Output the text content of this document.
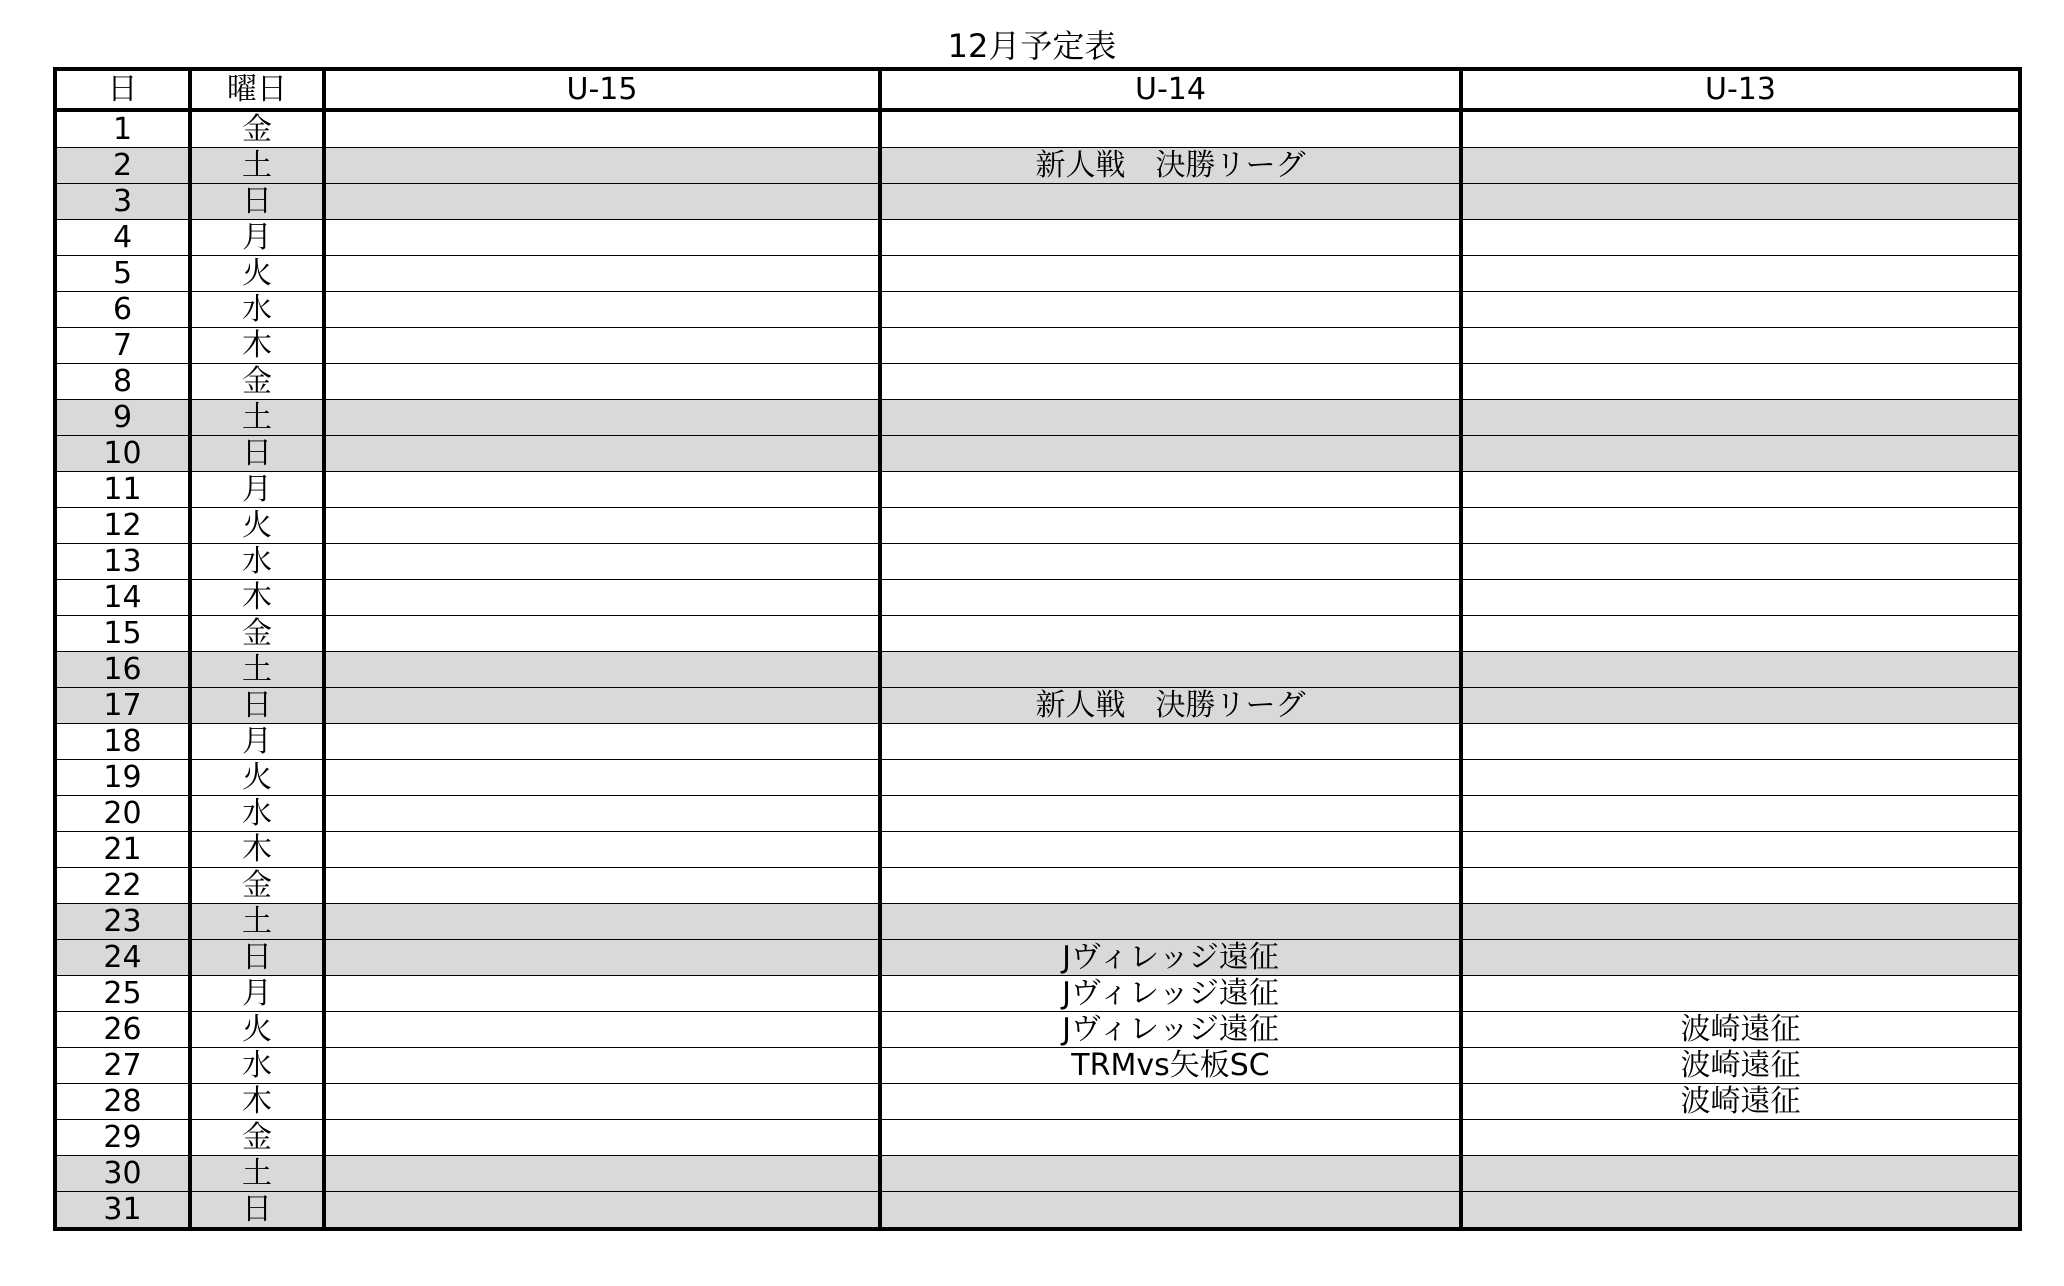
12月予定表
日	曜日	U-15	U-14	U-13
1	金			
2	土		新人戦　決勝リーグ	
3	日			
4	月			
5	火			
6	水			
7	木			
8	金			
9	土			
10	日			
11	月			
12	火			
13	水			
14	木			
15	金			
16	土			
17	日		新人戦　決勝リーグ	
18	月			
19	火			
20	水			
21	木			
22	金			
23	土			
24	日		Jヴィレッジ遠征	
25	月		Jヴィレッジ遠征	
26	火		Jヴィレッジ遠征	波崎遠征
27	水		TRMvs矢板SC	波崎遠征
28	木			波崎遠征
29	金			
30	土			
31	日			
